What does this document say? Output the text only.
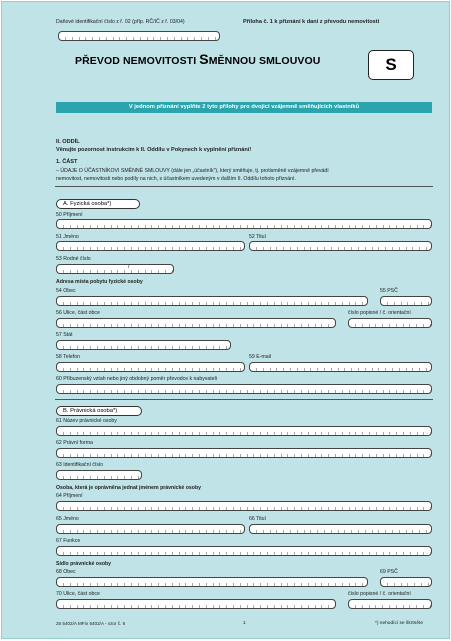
Daňové identifikační číslo z ř. 02 (příp. RČ/IČ z ř. 03/04)	Příloha č. 1 k přiznání k dani z převodu nemovitostí
PŘEVOD NEMOVITOSTI SMĚNNOU SMLOUVOU	S
V jednom přiznání vyplňte 2 tyto přílohy pro dvojici vzájemně směňujících vlastníků
II. ODDÍL
Věnujte pozornost instrukcím k II. Oddílu v Pokynech k vyplnění přiznání!
1. ČÁST
– ÚDAJE O ÚČASTNÍKOVI SMĚNNÉ SMLOUVY (dále jen „účastník"), který směňuje, tj. protisměně vzájemně převádí
nemovitost, nemovitosti nebo podíly na nich, s účastníkem uvedeným v dalším II. Oddílu tohoto přiznání.
A. Fyzická osoba*)
50 Příjmení
51 Jméno	52 Titul
53 Rodné číslo
/
Adresa místa pobytu fyzické osoby
54 Obec	55 PSČ
56 Ulice, část obce	číslo popisné / č. orientační
57 Stát
58 Telefon	59 E-mail
60 Příbuzenský vztah nebo jiný obdobný poměr převodce k nabyvateli
B. Právnická osoba*)
61 Název právnické osoby
62 Právní forma
63 Identifikační číslo
Osoba, která je oprávněna jednat jménem právnické osoby
64 Příjmení
65 Jméno	66 Titul
67 Funkce
Sídlo právnické osoby
68 Obec	69 PSČ
70 Ulice, část obce	číslo popisné / č. orientační
25 5402/A MFin 5402/A - vzor č. 6	1	*) nehodící se škrtněte
